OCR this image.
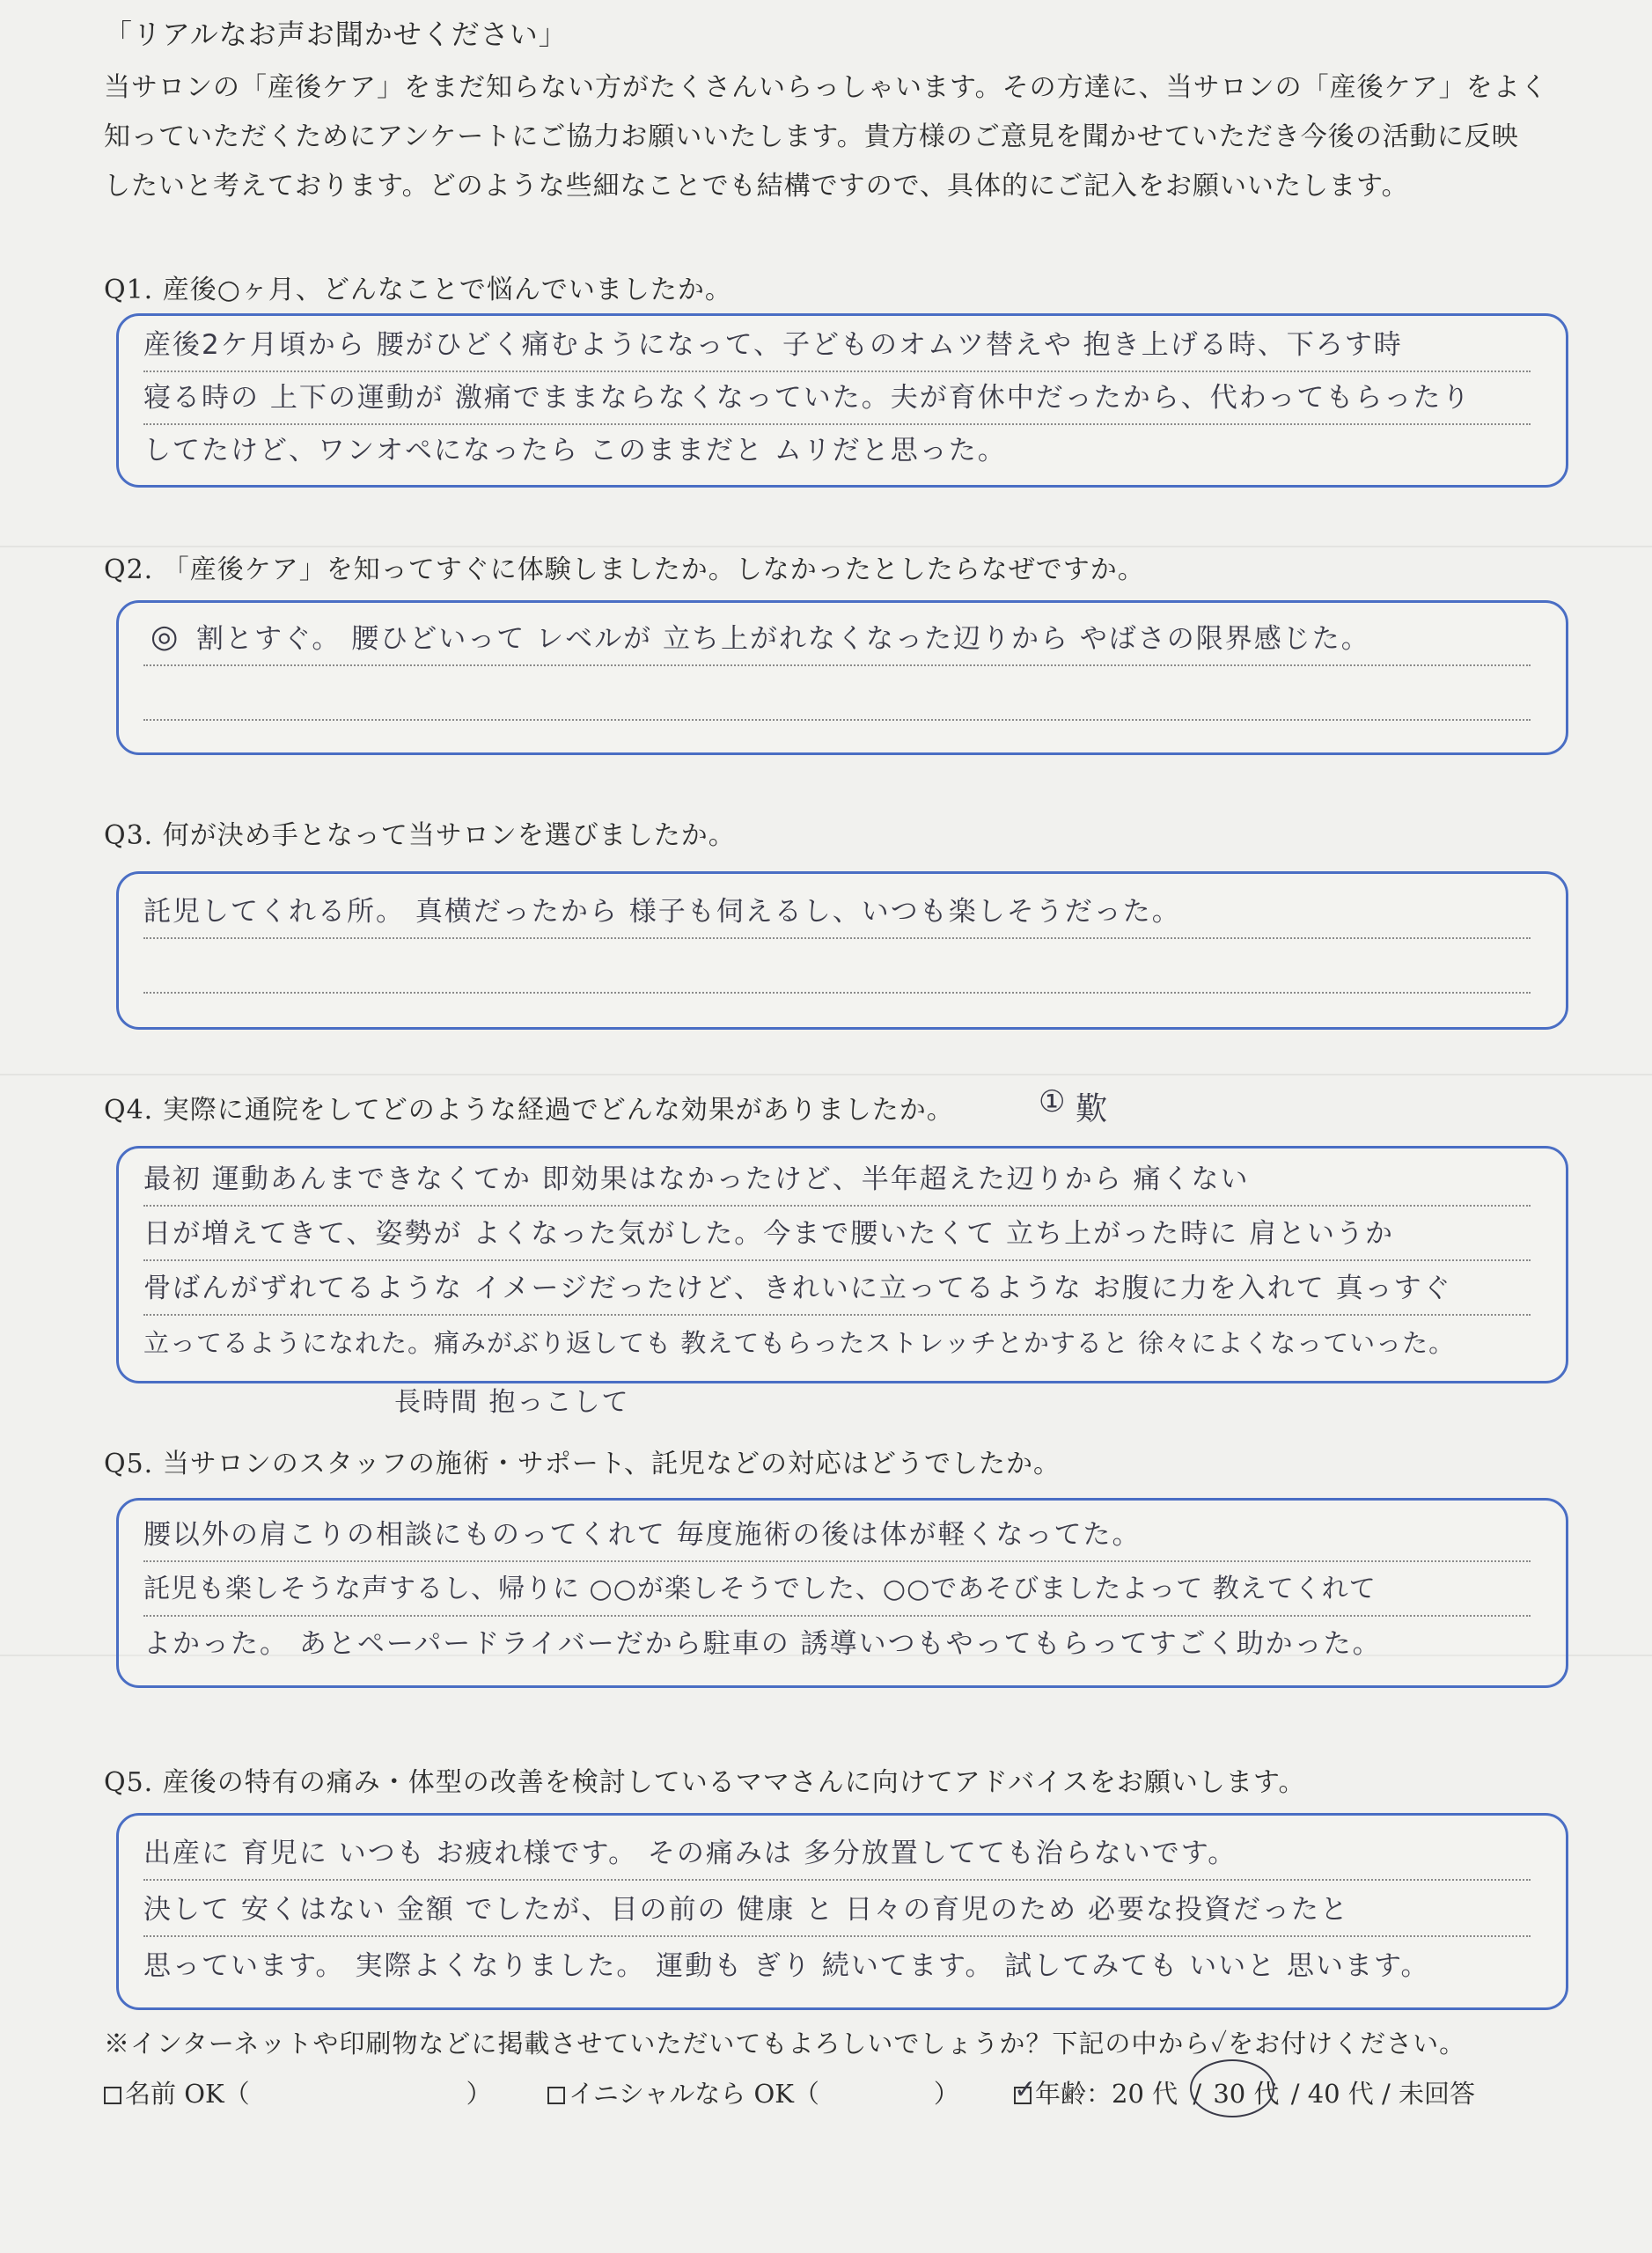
「リアルなお声お聞かせください」
当サロンの「産後ケア」をまだ知らない方がたくさんいらっしゃいます。その方達に、当サロンの「産後ケア」をよく
知っていただくためにアンケートにご協力お願いいたします。貴方様のご意見を聞かせていただき今後の活動に反映
したいと考えております。どのような些細なことでも結構ですので、具体的にご記入をお願いいたします。
Q1. 産後○ヶ月、どんなことで悩んでいましたか。
産後2ケ月頃から 腰がひどく痛むようになって、子どものオムツ替えや 抱き上げる時、下ろす時
寝る時の 上下の運動が 激痛でままならなくなっていた。夫が育休中だったから、代わってもらったり
してたけど、ワンオペになったら このままだと ムリだと思った。
Q2. 「産後ケア」を知ってすぐに体験しましたか。しなかったとしたらなぜですか。
割とすぐ。 腰ひどいって レベルが 立ち上がれなくなった辺りから やばさの限界感じた。
◎
Q3. 何が決め手となって当サロンを選びましたか。
託児してくれる所。 真横だったから 様子も伺えるし、いつも楽しそうだった。
Q4. 実際に通院をしてどのような経過でどんな効果がありましたか。	① 歎
最初 運動あんまできなくてか 即効果はなかったけど、半年超えた辺りから 痛くない
日が増えてきて、姿勢が よくなった気がした。今まで腰いたくて 立ち上がった時に 肩というか
骨ばんがずれてるような イメージだったけど、きれいに立ってるような お腹に力を入れて 真っすぐ
立ってるようになれた。痛みがぶり返しても 教えてもらったストレッチとかすると 徐々によくなっていった。
長時間 抱っこして
Q5. 当サロンのスタッフの施術・サポート、託児などの対応はどうでしたか。
腰以外の肩こりの相談にものってくれて 毎度施術の後は体が軽くなってた。
託児も楽しそうな声するし、帰りに ○○が楽しそうでした、○○であそびましたよって 教えてくれて
よかった。 あとペーパードライバーだから駐車の 誘導いつもやってもらってすごく助かった。
Q5. 産後の特有の痛み・体型の改善を検討しているママさんに向けてアドバイスをお願いします。
出産に 育児に いつも お疲れ様です。 その痛みは 多分放置してても治らないです。
決して 安くはない 金額 でしたが、目の前の 健康 と 日々の育児のため 必要な投資だったと
思っています。 実際よくなりました。 運動も ぎり 続いてます。 試してみても いいと 思います。
※インターネットや印刷物などに掲載させていただいてもよろしいでしょうか？下記の中から✓をお付けください。
名前 OK（	）	イニシャルなら OK（	） ✓
年齢：20 代 / 30 代 / 40 代 / 未回答
